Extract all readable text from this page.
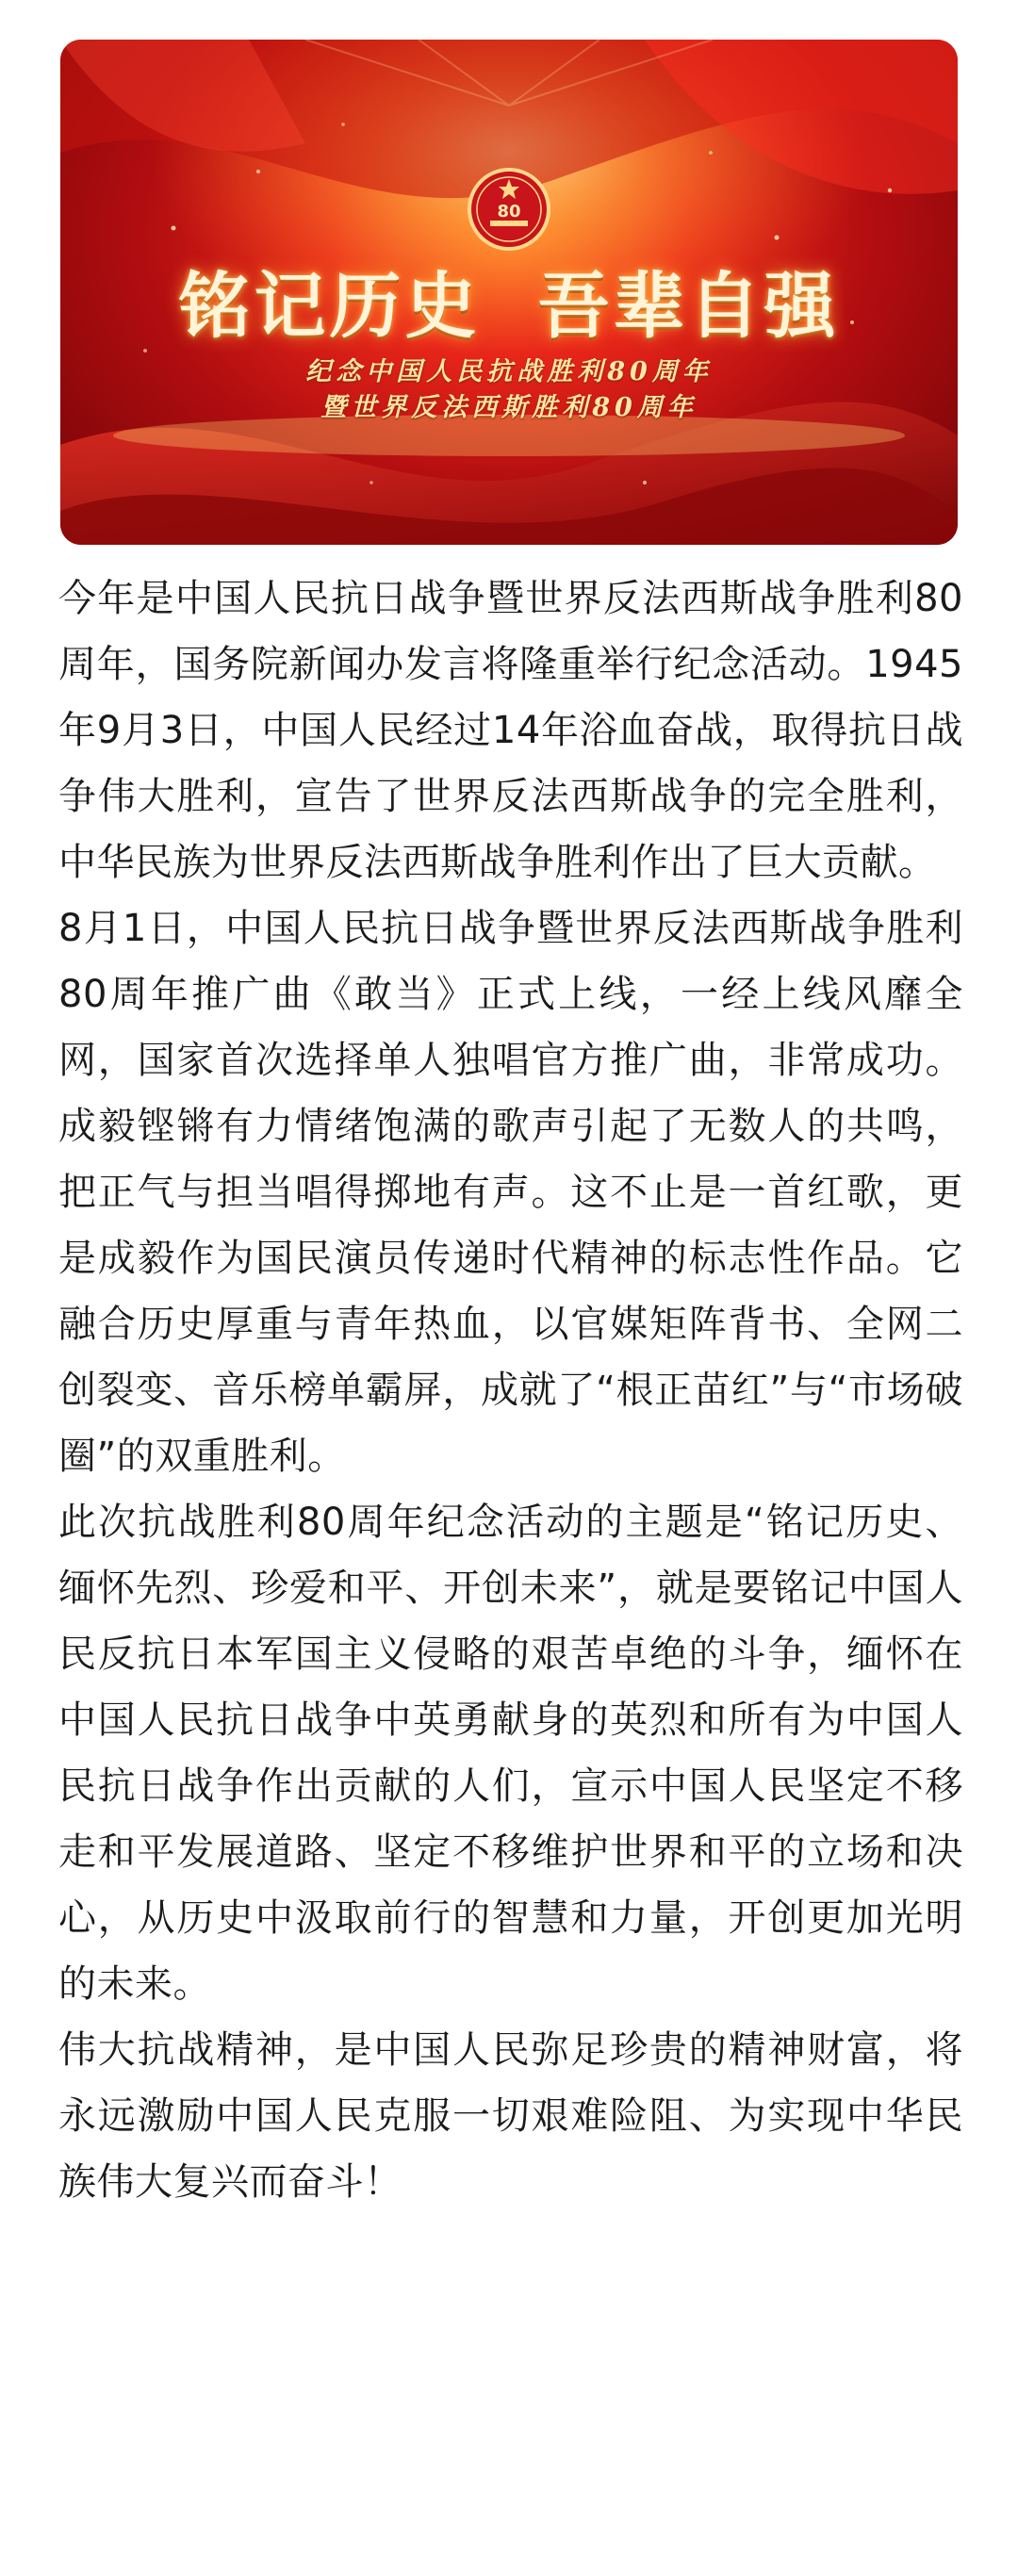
80
铭记历史  吾辈自强
纪念中国人民抗战胜利80周年
暨世界反法西斯胜利80周年

今年是中国人民抗日战争暨世界反法西斯战争胜利80周年，国务院新闻办发言将隆重举行纪念活动。1945年9月3日，中国人民经过14年浴血奋战，取得抗日战争伟大胜利，宣告了世界反法西斯战争的完全胜利，中华民族为世界反法西斯战争胜利作出了巨大贡献。

8月1日，中国人民抗日战争暨世界反法西斯战争胜利80周年推广曲《敢当》正式上线，一经上线风靡全网，国家首次选择单人独唱官方推广曲，非常成功。成毅铿锵有力情绪饱满的歌声引起了无数人的共鸣，把正气与担当唱得掷地有声。这不止是一首红歌，更是成毅作为国民演员传递时代精神的标志性作品。它融合历史厚重与青年热血，以官媒矩阵背书、全网二创裂变、音乐榜单霸屏，成就了“根正苗红”与“市场破圈”的双重胜利。

此次抗战胜利80周年纪念活动的主题是“铭记历史、缅怀先烈、珍爱和平、开创未来”，就是要铭记中国人民反抗日本军国主义侵略的艰苦卓绝的斗争，缅怀在中国人民抗日战争中英勇献身的英烈和所有为中国人民抗日战争作出贡献的人们，宣示中国人民坚定不移走和平发展道路、坚定不移维护世界和平的立场和决心，从历史中汲取前行的智慧和力量，开创更加光明的未来。

伟大抗战精神，是中国人民弥足珍贵的精神财富，将永远激励中国人民克服一切艰难险阻、为实现中华民族伟大复兴而奋斗！
